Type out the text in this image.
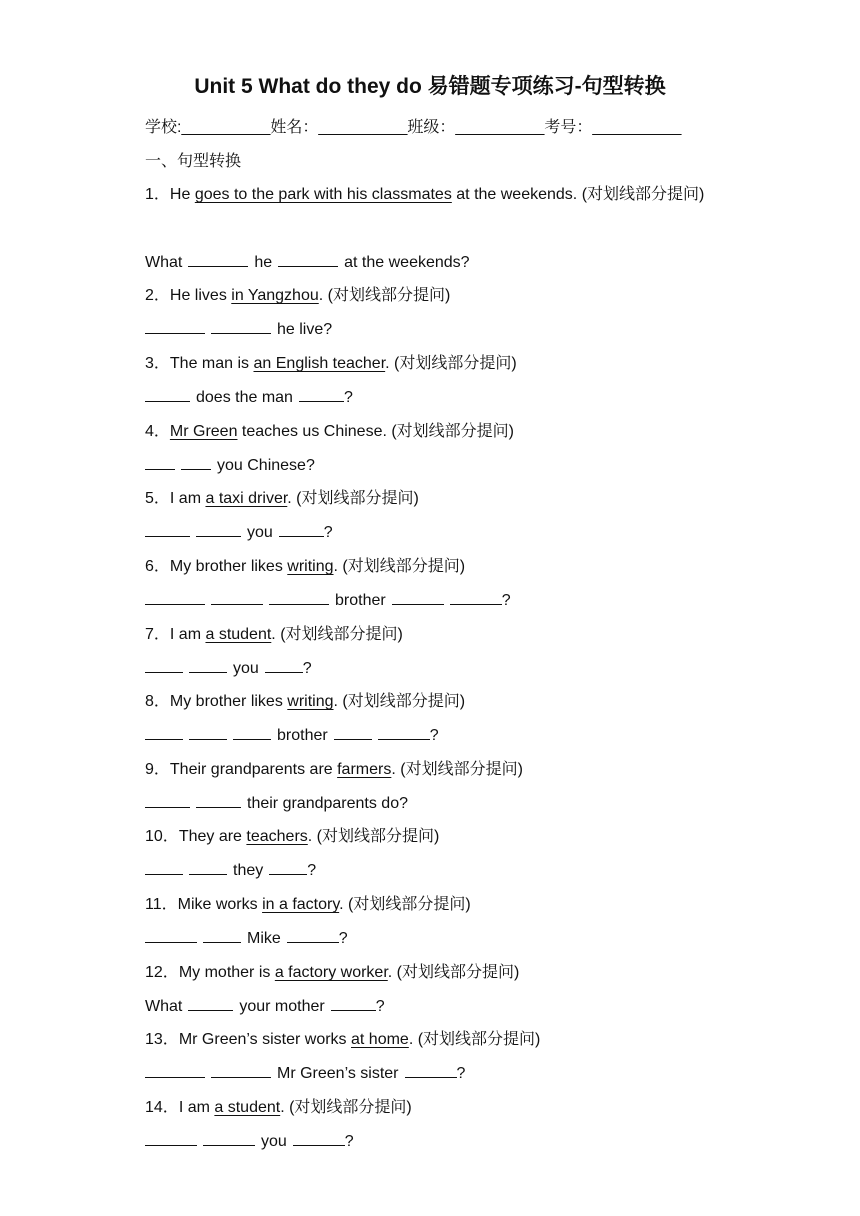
Unit 5 What do they do 易错题专项练习-句型转换
学校:__________姓名：__________班级：__________考号：__________
一、句型转换
1．He goes to the park with his classmates at the weekends. (对划线部分提问)
What	he	at the weekends?
2．He lives in Yangzhou. (对划线部分提问)
he live?
3．The man is an English teacher. (对划线部分提问)
does the man	?
4．Mr Green teaches us Chinese. (对划线部分提问)
you Chinese?
5．I am a taxi driver. (对划线部分提问)
you	?
6．My brother likes writing. (对划线部分提问)
brother	?
7．I am a student. (对划线部分提问)
you	?
8．My brother likes writing. (对划线部分提问)
brother	?
9．Their grandparents are farmers. (对划线部分提问)
their grandparents do?
10．They are teachers. (对划线部分提问)
they	?
11．Mike works in a factory. (对划线部分提问)
Mike	?
12．My mother is a factory worker. (对划线部分提问)
What	your mother	?
13．Mr Green’s sister works at home. (对划线部分提问)
Mr Green’s sister	?
14．I am a student. (对划线部分提问)
you	?
